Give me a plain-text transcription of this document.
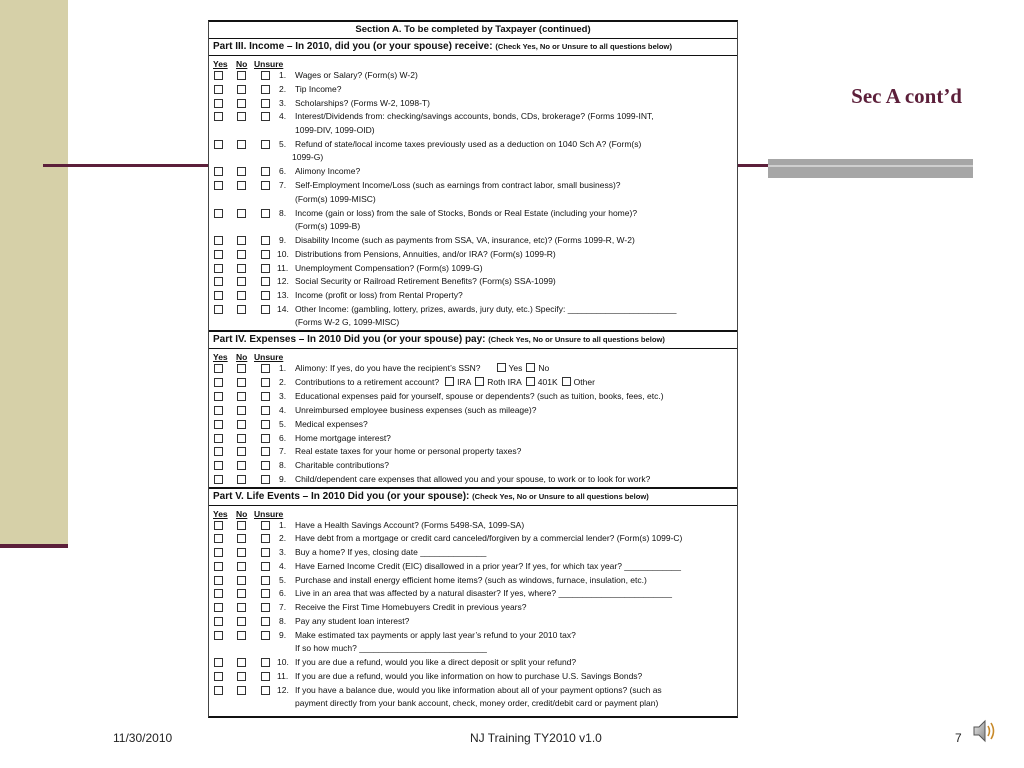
Sec A cont’d
Section A. To be completed by Taxpayer (continued)
Part III. Income – In 2010, did you (or your spouse) receive: (Check Yes, No or Unsure to all questions below)
Yes No Unsure
1. Wages or Salary? (Form(s) W-2)
2. Tip Income?
3. Scholarships? (Forms W-2, 1098-T)
4. Interest/Dividends from: checking/savings accounts, bonds, CDs, brokerage? (Forms 1099-INT,
1099-DIV, 1099-OID)
5. Refund of state/local income taxes previously used as a deduction on 1040 Sch A? (Form(s)
1099-G)
6. Alimony Income?
7. Self-Employment Income/Loss (such as earnings from contract labor, small business)?
(Form(s) 1099-MISC)
8. Income (gain or loss) from the sale of Stocks, Bonds or Real Estate (including your home)?
(Form(s) 1099-B)
9. Disability Income (such as payments from SSA, VA, insurance, etc)? (Forms 1099-R, W-2)
10. Distributions from Pensions, Annuities, and/or IRA? (Form(s) 1099-R)
11. Unemployment Compensation? (Form(s) 1099-G)
12. Social Security or Railroad Retirement Benefits? (Form(s) SSA-1099)
13. Income (profit or loss) from Rental Property?
14. Other Income: (gambling, lottery, prizes, awards, jury duty, etc.) Specify: _______________________
(Forms W-2 G, 1099-MISC)
Part IV. Expenses – In 2010 Did you (or your spouse) pay: (Check Yes, No or Unsure to all questions below)
Yes No Unsure
1. Alimony: If yes, do you have the recipient’s SSN?	Yes No
2. Contributions to a retirement account? IRA Roth IRA 401K Other
3. Educational expenses paid for yourself, spouse or dependents? (such as tuition, books, fees, etc.)
4. Unreimbursed employee business expenses (such as mileage)?
5. Medical expenses?
6. Home mortgage interest?
7. Real estate taxes for your home or personal property taxes?
8. Charitable contributions?
9. Child/dependent care expenses that allowed you and your spouse, to work or to look for work?
Part V. Life Events – In 2010 Did you (or your spouse): (Check Yes, No or Unsure to all questions below)
Yes No Unsure
1. Have a Health Savings Account? (Forms 5498-SA, 1099-SA)
2. Have debt from a mortgage or credit card canceled/forgiven by a commercial lender? (Form(s) 1099-C)
3. Buy a home? If yes, closing date ______________
4. Have Earned Income Credit (EIC) disallowed in a prior year? If yes, for which tax year? ____________
5. Purchase and install energy efficient home items? (such as windows, furnace, insulation, etc.)
6. Live in an area that was affected by a natural disaster? If yes, where? ________________________
7. Receive the First Time Homebuyers Credit in previous years?
8. Pay any student loan interest?
9. Make estimated tax payments or apply last year’s refund to your 2010 tax?
If so how much? ___________________________
10. If you are due a refund, would you like a direct deposit or split your refund?
11. If you are due a refund, would you like information on how to purchase U.S. Savings Bonds?
12. If you have a balance due, would you like information about all of your payment options? (such as
payment directly from your bank account, check, money order, credit/debit card or payment plan)
11/30/2010	NJ Training TY2010 v1.0	7
